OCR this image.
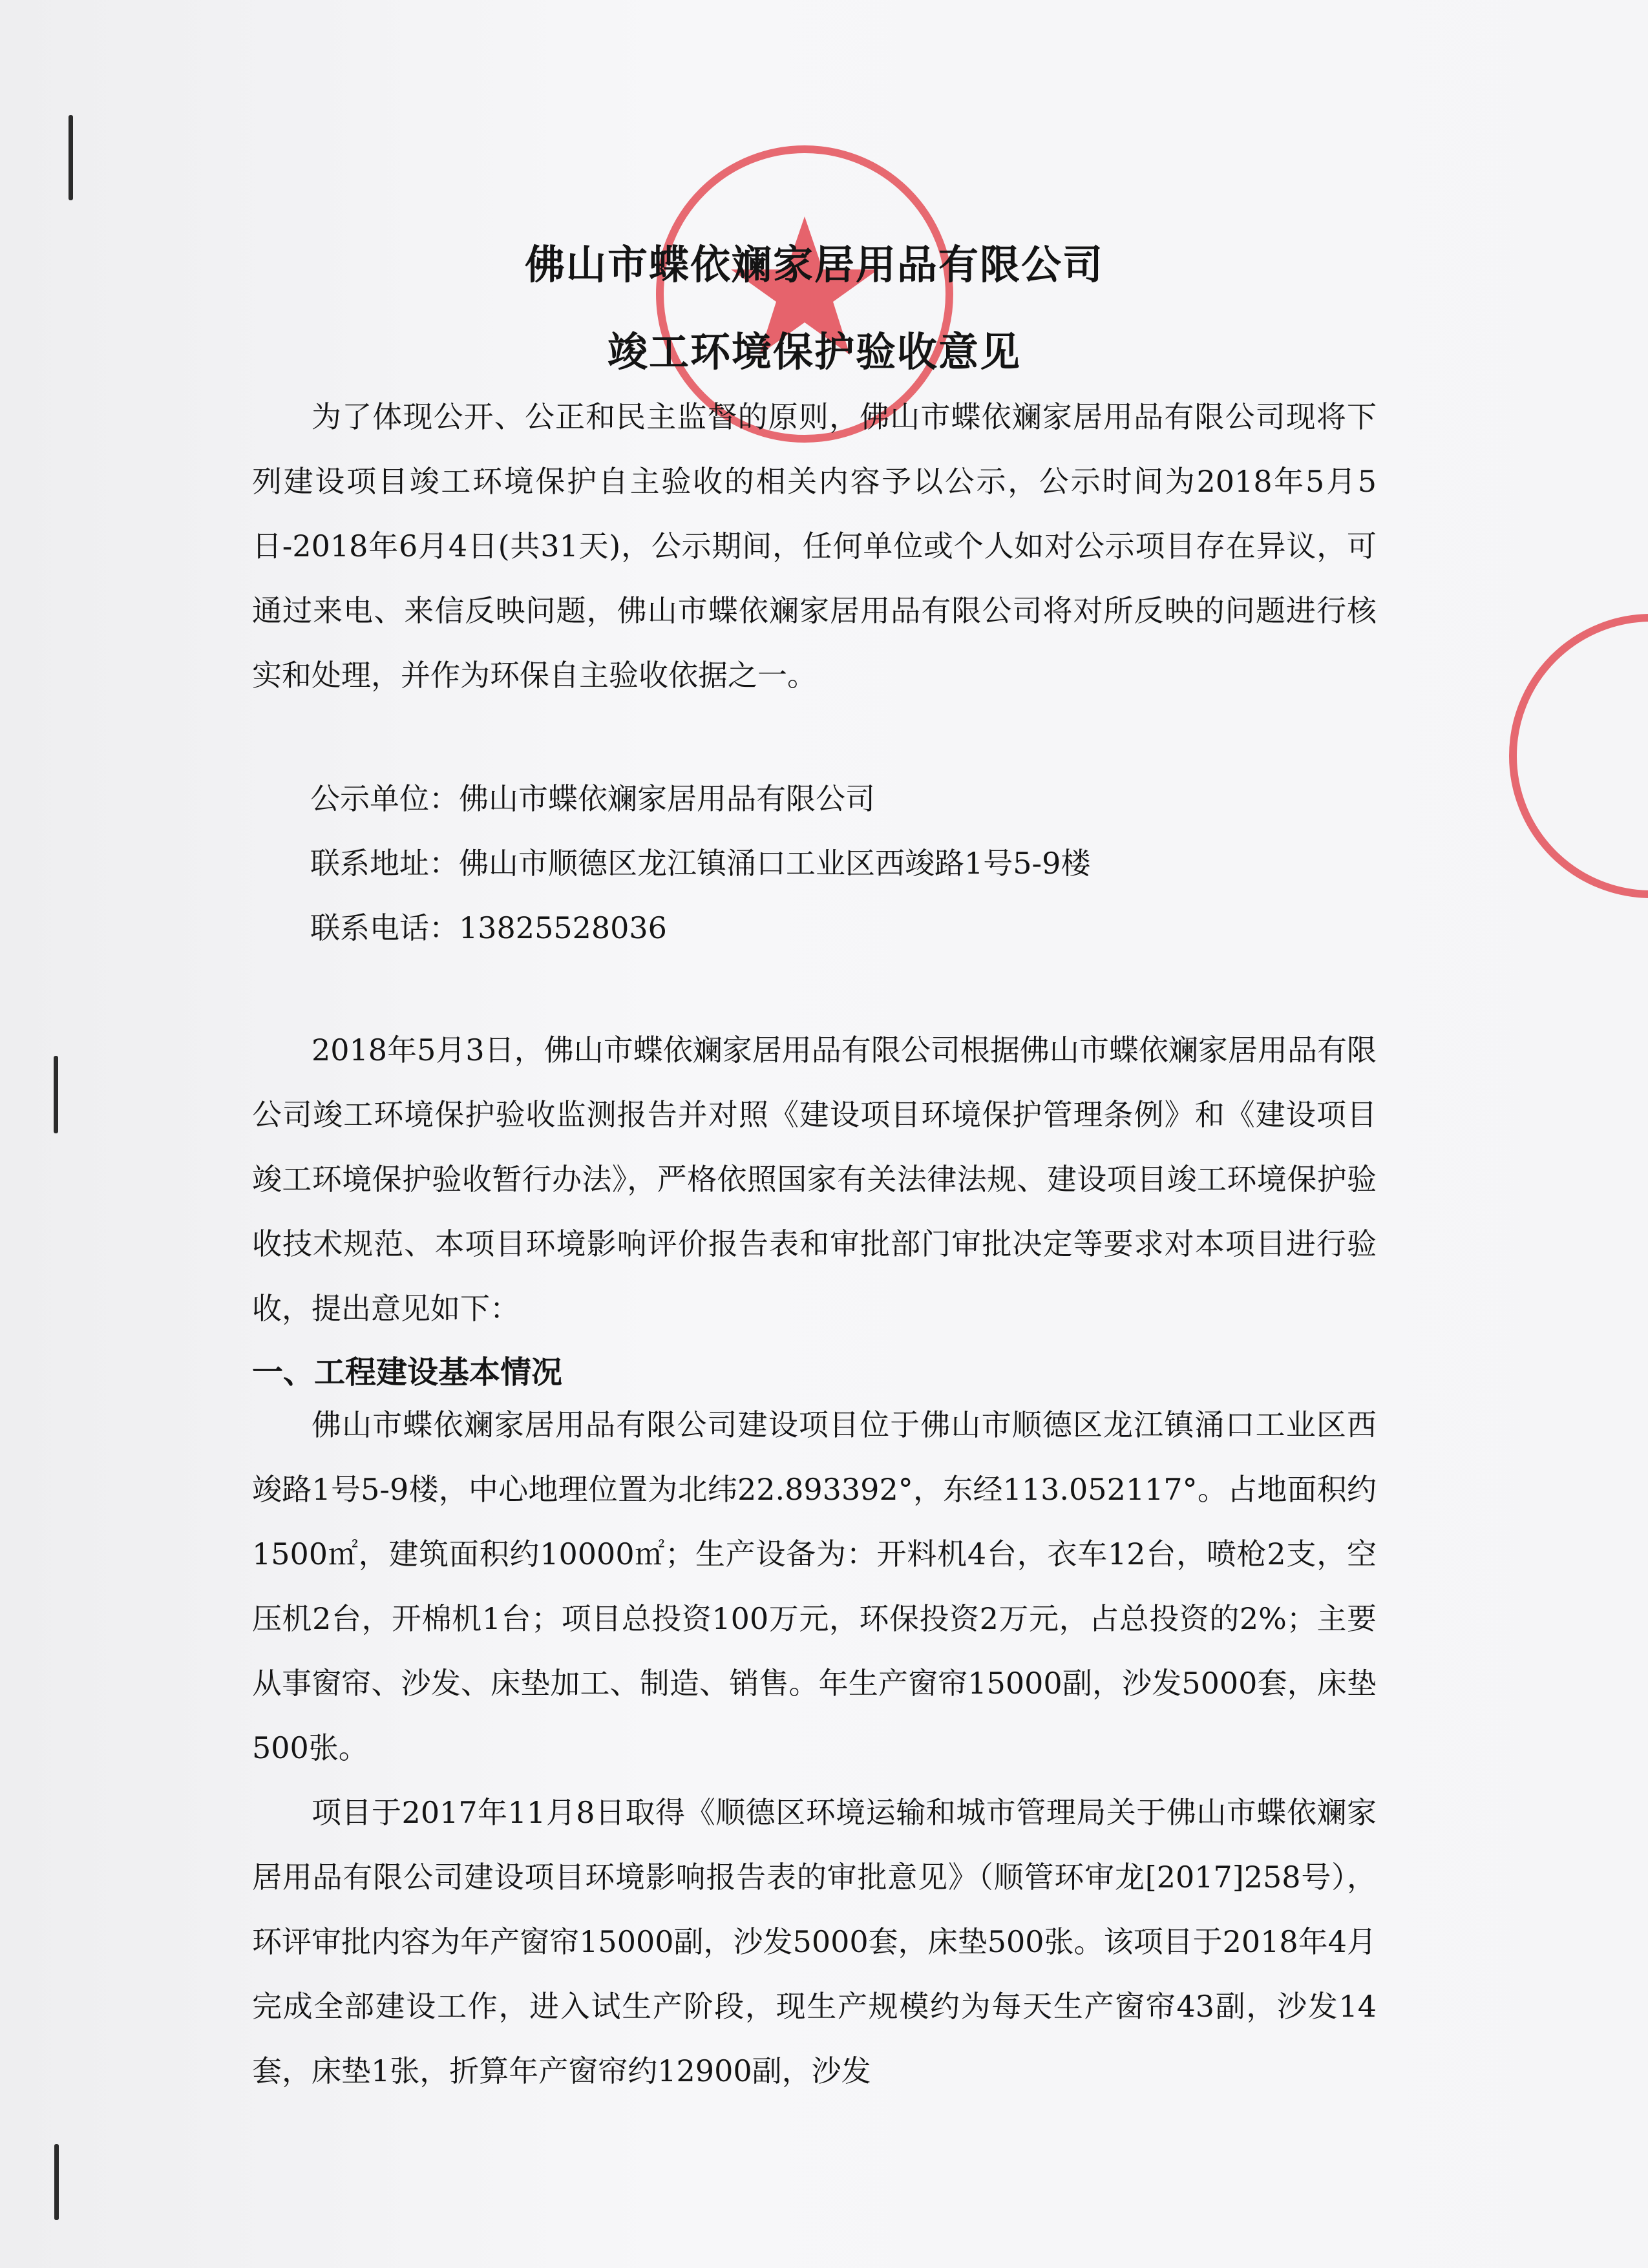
佛山市蝶依斓家居用品有限公司
竣工环境保护验收意见

为了体现公开、公正和民主监督的原则，佛山市蝶依斓家居用品有限公司现将下列建设项目竣工环境保护自主验收的相关内容予以公示，公示时间为2018年5月5日-2018年6月4日(共31天)，公示期间，任何单位或个人如对公示项目存在异议，可通过来电、来信反映问题，佛山市蝶依斓家居用品有限公司将对所反映的问题进行核实和处理，并作为环保自主验收依据之一。

公示单位：佛山市蝶依斓家居用品有限公司

联系地址：佛山市顺德区龙江镇涌口工业区西竣路1号5-9楼

联系电话：13825528036

2018年5月3日，佛山市蝶依斓家居用品有限公司根据佛山市蝶依斓家居用品有限公司竣工环境保护验收监测报告并对照《建设项目环境保护管理条例》和《建设项目竣工环境保护验收暂行办法》，严格依照国家有关法律法规、建设项目竣工环境保护验收技术规范、本项目环境影响评价报告表和审批部门审批决定等要求对本项目进行验收，提出意见如下：

一、工程建设基本情况

佛山市蝶依斓家居用品有限公司建设项目位于佛山市顺德区龙江镇涌口工业区西竣路1号5-9楼，中心地理位置为北纬22.893392°，东经113.052117°。占地面积约1500㎡，建筑面积约10000㎡；生产设备为：开料机4台，衣车12台，喷枪2支，空压机2台，开棉机1台；项目总投资100万元，环保投资2万元，占总投资的2%；主要从事窗帘、沙发、床垫加工、制造、销售。年生产窗帘15000副，沙发5000套，床垫500张。

项目于2017年11月8日取得《顺德区环境运输和城市管理局关于佛山市蝶依斓家居用品有限公司建设项目环境影响报告表的审批意见》（顺管环审龙[2017]258号），环评审批内容为年产窗帘15000副，沙发5000套，床垫500张。该项目于2018年4月完成全部建设工作，进入试生产阶段，现生产规模约为每天生产窗帘43副，沙发14套，床垫1张，折算年产窗帘约12900副，沙发
